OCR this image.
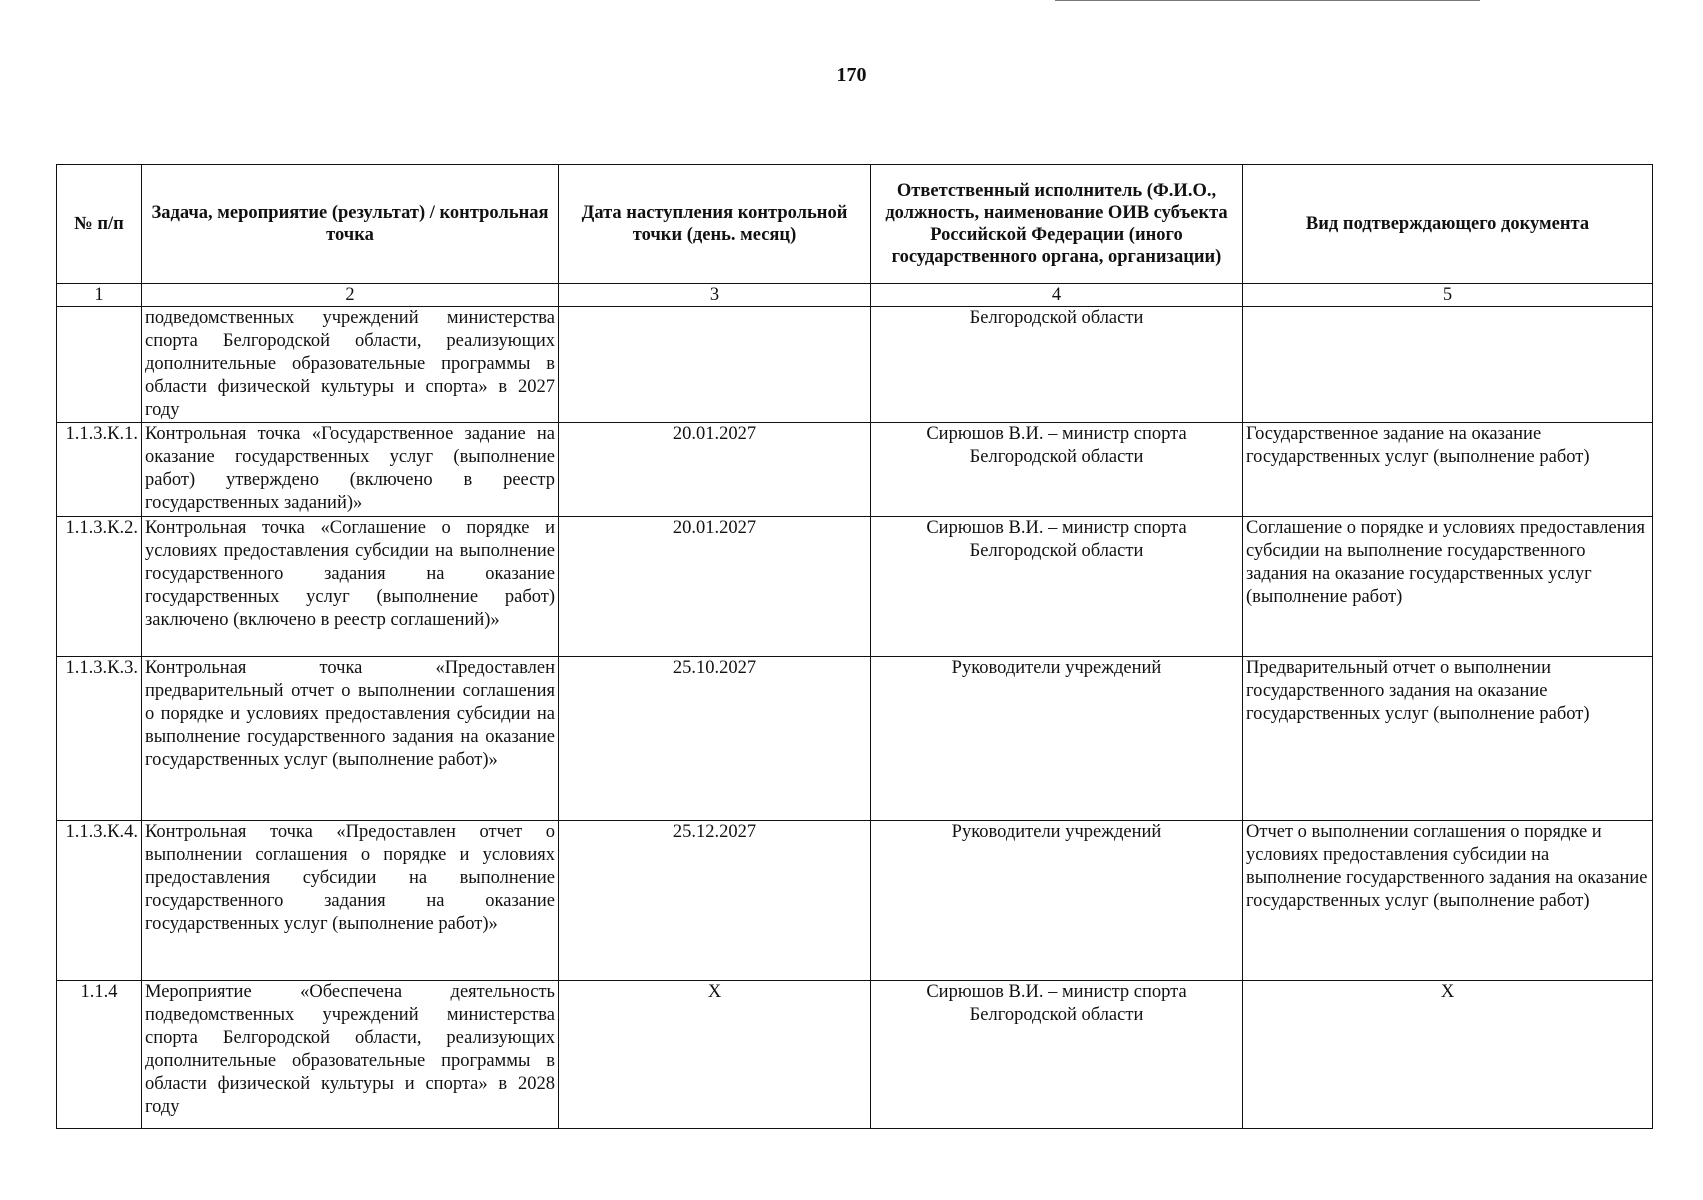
170
№ п/п	Задача, мероприятие (результат) / контрольная точка	Дата наступления контрольной точки (день. месяц)	Ответственный исполнитель (Ф.И.О., должность, наименование ОИВ субъекта Российской Федерации (иного государственного органа, организации)	Вид подтверждающего документа
1	2	3	4	5
	подведомственных учреждений министерства спорта Белгородской области, реализующих дополнительные образовательные программы в области физической культуры и спорта» в 2027 году		Белгородской области	
1.1.3.К.1.	Контрольная точка «Государственное задание на оказание государственных услуг (выполнение работ) утверждено (включено в реестр государственных заданий)»	20.01.2027	Сирюшов В.И. – министр спорта Белгородской области	Государственное задание на оказание государственных услуг (выполнение работ)
1.1.3.К.2.	Контрольная точка «Соглашение о порядке и условиях предоставления субсидии на выполнение государственного задания на оказание государственных услуг (выполнение работ) заключено (включено в реестр соглашений)»	20.01.2027	Сирюшов В.И. – министр спорта Белгородской области	Соглашение о порядке и условиях предоставления субсидии на выполнение государственного задания на оказание государственных услуг (выполнение работ)
1.1.3.К.3.	Контрольная точка «Предоставлен предварительный отчет о выполнении соглашения о порядке и условиях предоставления субсидии на выполнение государственного задания на оказание государственных услуг (выполнение работ)»	25.10.2027	Руководители учреждений	Предварительный отчет о выполнении государственного задания на оказание государственных услуг (выполнение работ)
1.1.3.К.4.	Контрольная точка «Предоставлен отчет о выполнении соглашения о порядке и условиях предоставления субсидии на выполнение государственного задания на оказание государственных услуг (выполнение работ)»	25.12.2027	Руководители учреждений	Отчет о выполнении соглашения о порядке и условиях предоставления субсидии на выполнение государственного задания на оказание государственных услуг (выполнение работ)
1.1.4	Мероприятие «Обеспечена деятельность подведомственных учреждений министерства спорта Белгородской области, реализующих дополнительные образовательные программы в области физической культуры и спорта» в 2028 году	Х	Сирюшов В.И. – министр спорта Белгородской области	Х
